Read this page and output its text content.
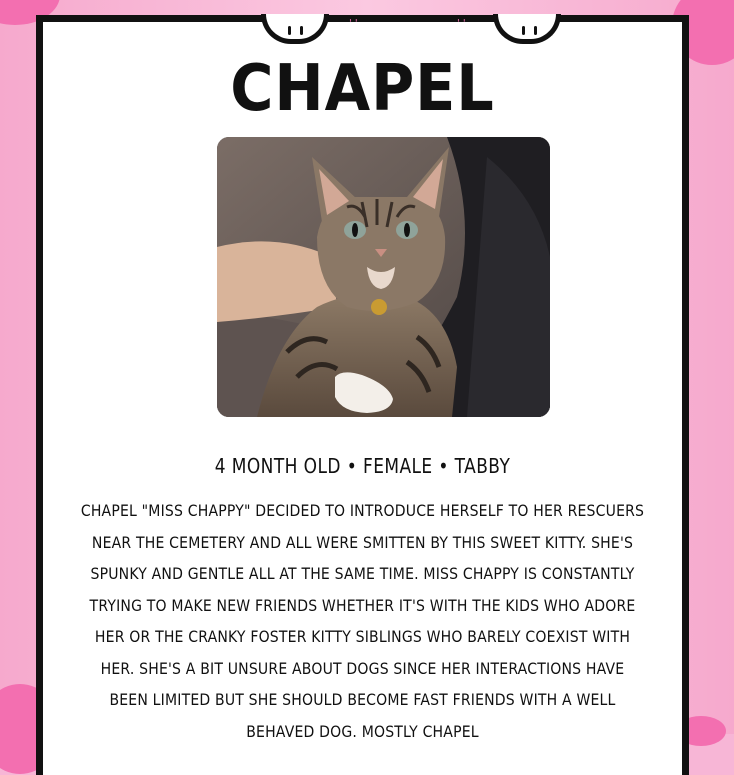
' '	' '
CHAPEL
4 MONTH OLD • FEMALE • TABBY
CHAPEL "MISS CHAPPY" DECIDED TO INTRODUCE HERSELF TO HER RESCUERS NEAR THE CEMETERY AND ALL WERE SMITTEN BY THIS SWEET KITTY. SHE'S SPUNKY AND GENTLE ALL AT THE SAME TIME. MISS CHAPPY IS CONSTANTLY TRYING TO MAKE NEW FRIENDS WHETHER IT'S WITH THE KIDS WHO ADORE HER OR THE CRANKY FOSTER KITTY SIBLINGS WHO BARELY COEXIST WITH HER. SHE'S A BIT UNSURE ABOUT DOGS SINCE HER INTERACTIONS HAVE BEEN LIMITED BUT SHE SHOULD BECOME FAST FRIENDS WITH A WELL BEHAVED DOG. MOSTLY CHAPEL
